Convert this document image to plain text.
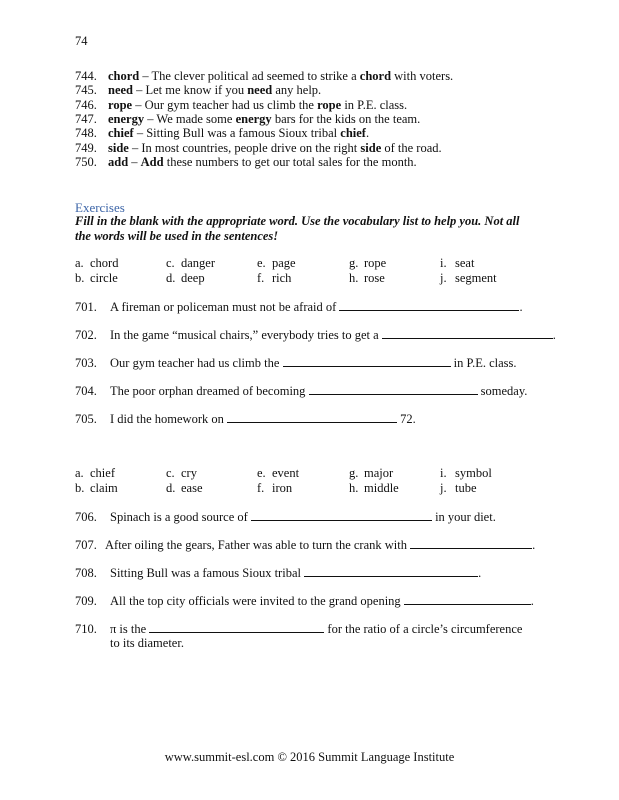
74
744. chord – The clever political ad seemed to strike a chord with voters.
745. need – Let me know if you need any help.
746. rope – Our gym teacher had us climb the rope in P.E. class.
747. energy – We made some energy bars for the kids on the team.
748. chief – Sitting Bull was a famous Sioux tribal chief.
749. side – In most countries, people drive on the right side of the road.
750. add – Add these numbers to get our total sales for the month.
Exercises
Fill in the blank with the appropriate word. Use the vocabulary list to help you. Not all
the words will be used in the sentences!
a. chord	c. danger	e. page	g. rope	i. seat
b. circle	d. deep	f. rich	h. rose	j. segment
701. A fireman or policeman must not be afraid of	.
702. In the game “musical chairs,” everybody tries to get a	.
703. Our gym teacher had us climb the	in P.E. class.
704. The poor orphan dreamed of becoming	someday.
705. I did the homework on	72.
a. chief	c. cry	e. event	g. major	i. symbol
b. claim	d. ease	f. iron	h. middle	j. tube
706. Spinach is a good source of	in your diet.
707. After oiling the gears, Father was able to turn the crank with	.
708. Sitting Bull was a famous Sioux tribal	.
709. All the top city officials were invited to the grand opening	.
710. π is the	for the ratio of a circle’s circumference
to its diameter.
www.summit-esl.com © 2016 Summit Language Institute
